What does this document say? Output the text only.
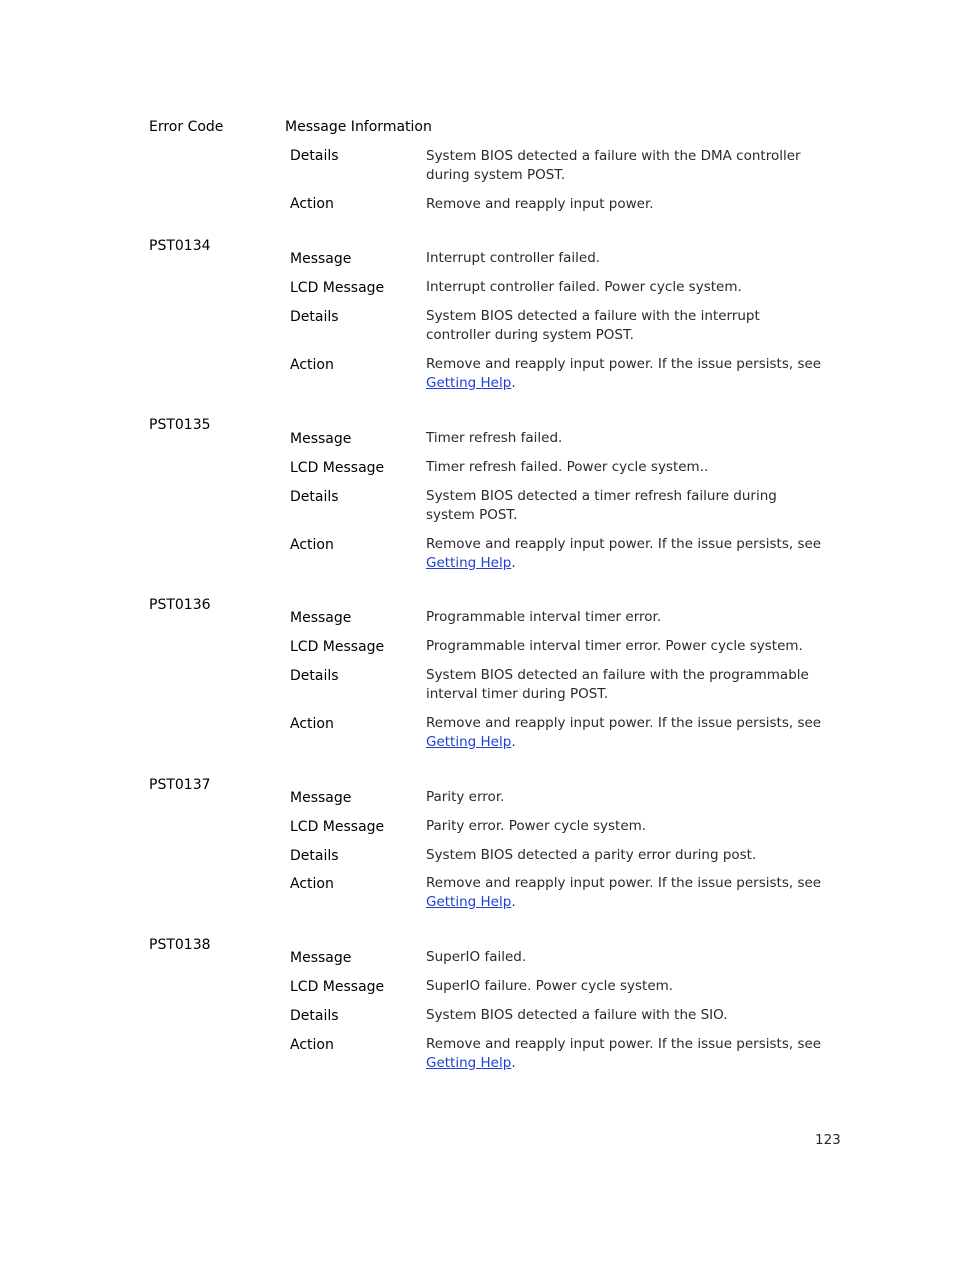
Error Code	Message Information
Details	System BIOS detected a failure with the DMA controller during system POST.
Action	Remove and reapply input power.
PST0134
Message	Interrupt controller failed.
LCD Message	Interrupt controller failed. Power cycle system.
Details	System BIOS detected a failure with the interrupt controller during system POST.
Action	Remove and reapply input power. If the issue persists, see
Getting Help.
PST0135
Message	Timer refresh failed.
LCD Message	Timer refresh failed. Power cycle system..
Details	System BIOS detected a timer refresh failure during system POST.
Action	Remove and reapply input power. If the issue persists, see
Getting Help.
PST0136
Message	Programmable interval timer error.
LCD Message	Programmable interval timer error. Power cycle system.
Details	System BIOS detected an failure with the programmable interval timer during POST.
Action	Remove and reapply input power. If the issue persists, see
Getting Help.
PST0137
Message	Parity error.
LCD Message	Parity error. Power cycle system.
Details	System BIOS detected a parity error during post.
Action	Remove and reapply input power. If the issue persists, see
Getting Help.
PST0138
Message	SuperIO failed.
LCD Message	SuperIO failure. Power cycle system.
Details	System BIOS detected a failure with the SIO.
Action	Remove and reapply input power. If the issue persists, see
Getting Help.
123
